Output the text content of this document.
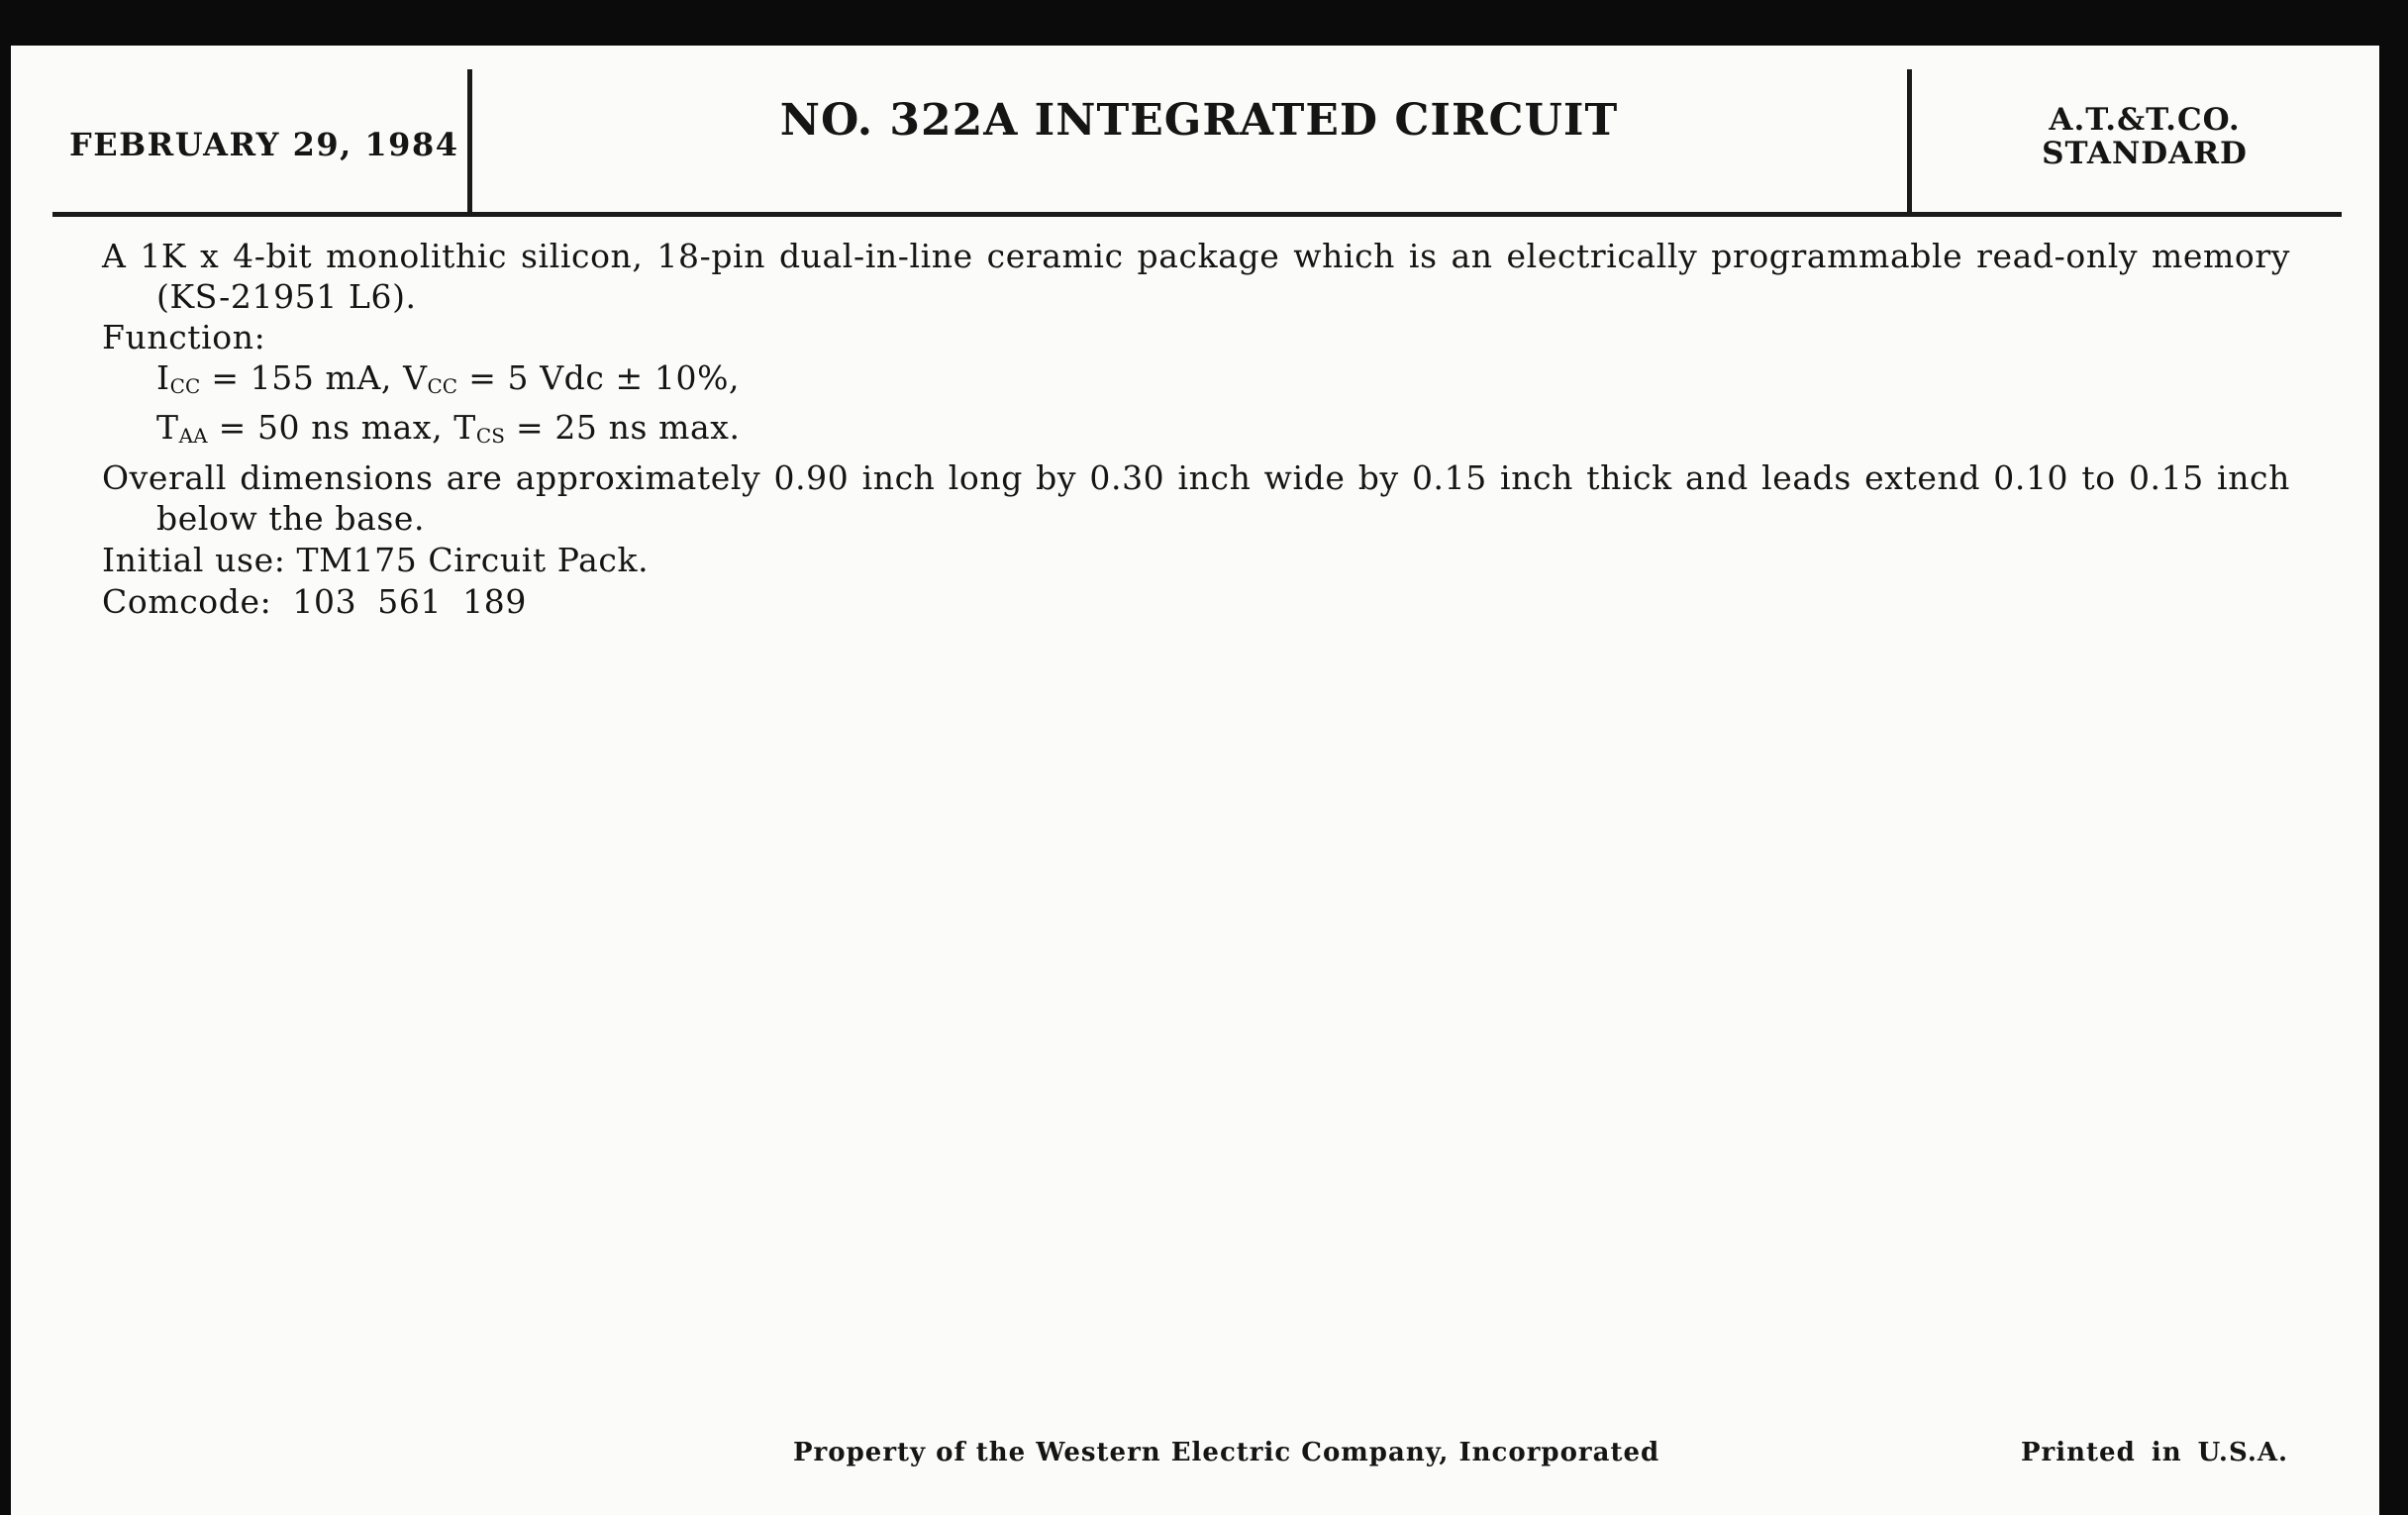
FEBRUARY 29, 1984	NO. 322A INTEGRATED CIRCUIT	A.T.&T.CO.
STANDARD

A 1K x 4-bit monolithic silicon, 18-pin dual-in-line ceramic package which is an electrically programmable read-only memory (KS-21951 L6).

Function:

$I_{CC} = 155$ mA, $V_{CC} = 5$ Vdc ± 10%,

$T_{AA} = 50$ ns max, $T_{CS} = 25$ ns max.

Overall dimensions are approximately 0.90 inch long by 0.30 inch wide by 0.15 inch thick and leads extend 0.10 to 0.15 inch below the base.

Initial use: TM175 Circuit Pack.

Comcode: 103 561 189

Property of the Western Electric Company, Incorporated	Printed in U.S.A.
